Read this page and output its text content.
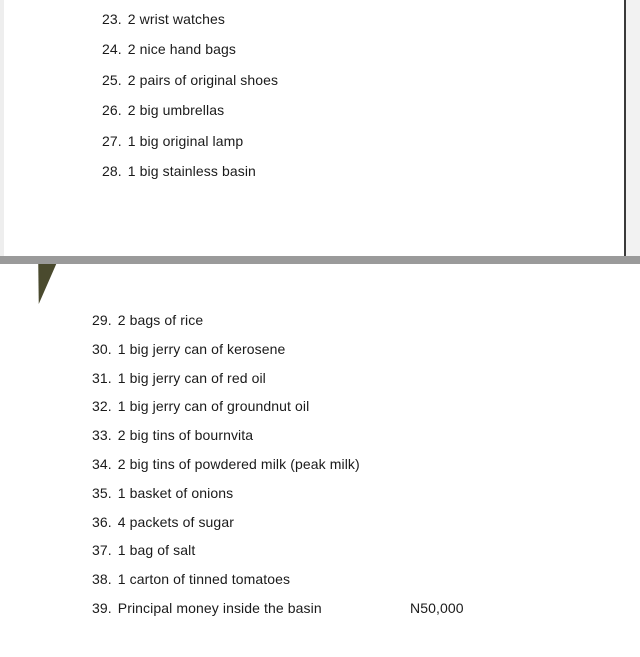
23. 2 wrist watches
24. 2 nice hand bags
25. 2 pairs of original shoes
26. 2 big umbrellas
27. 1 big original lamp
28. 1 big stainless basin
29. 2 bags of rice
30. 1 big jerry can of kerosene
31. 1 big jerry can of red oil
32. 1 big jerry can of groundnut oil
33. 2 big tins of bournvita
34. 2 big tins of powdered milk (peak milk)
35. 1 basket of onions
36. 4 packets of sugar
37. 1 bag of salt
38. 1 carton of tinned tomatoes
39. Principal money inside the basin	N50,000
